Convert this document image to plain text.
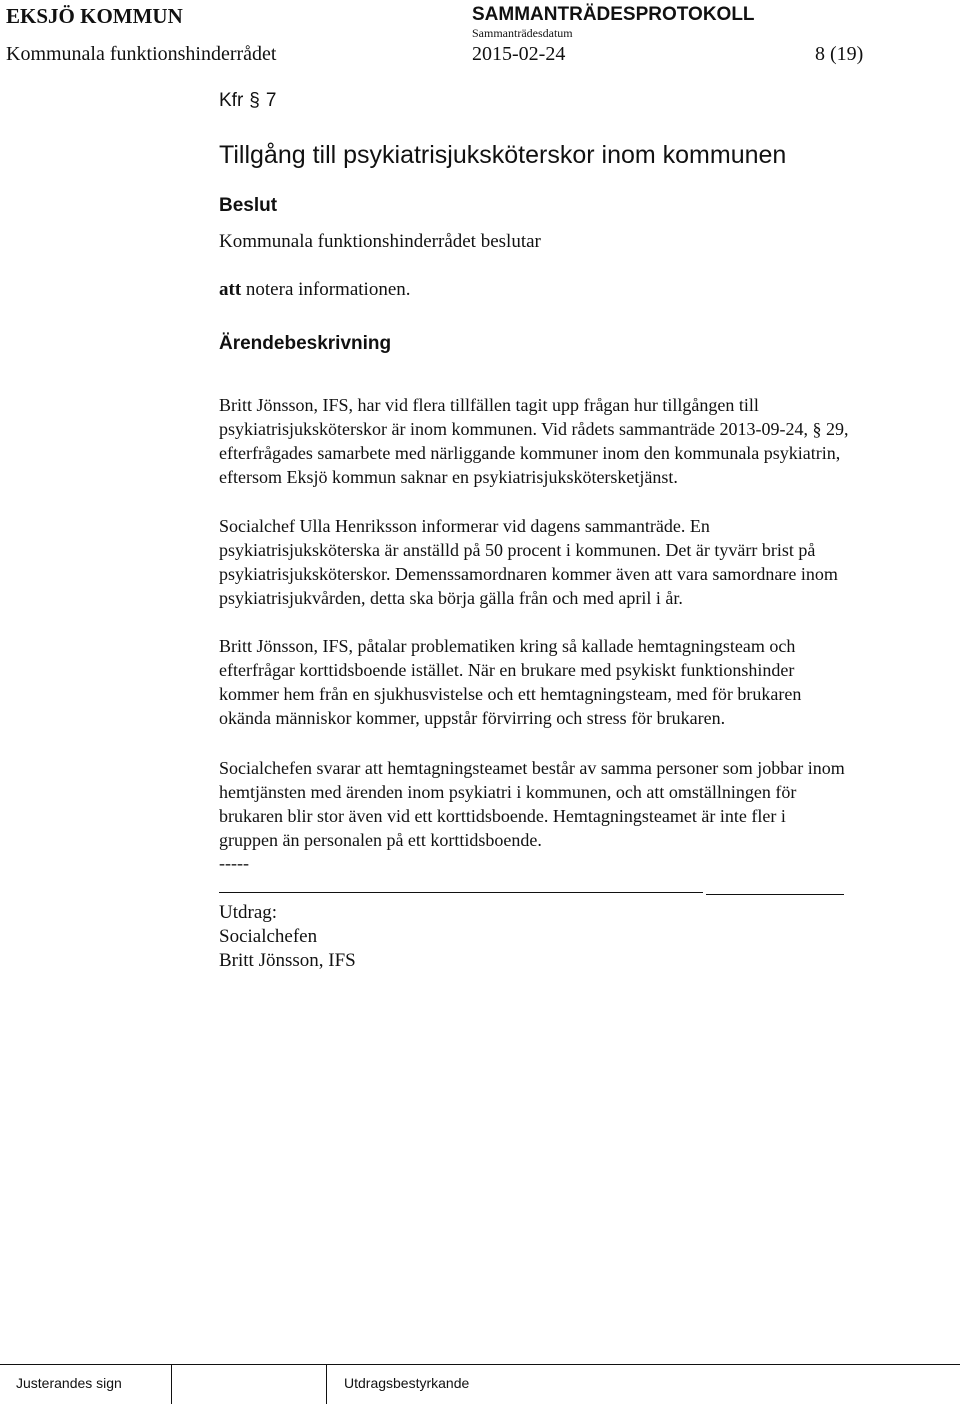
EKSJÖ KOMMUN	SAMMANTRÄDESPROTOKOLL
Sammanträdesdatum
Kommunala funktionshinderrådet	2015-02-24	8 (19)
Kfr § 7
Tillgång till psykiatrisjuksköterskor inom kommunen
Beslut
Kommunala funktionshinderrådet beslutar
att notera informationen.
Ärendebeskrivning

Britt Jönsson, IFS, har vid flera tillfällen tagit upp frågan hur tillgången till
psykiatrisjuksköterskor är inom kommunen. Vid rådets sammanträde 2013-09-24, § 29,
efterfrågades samarbete med närliggande kommuner inom den kommunala psykiatrin,
eftersom Eksjö kommun saknar en psykiatrisjuksköterskеtjänst.

Socialchef Ulla Henriksson informerar vid dagens sammanträde. En
psykiatrisjuksköterska är anställd på 50 procent i kommunen. Det är tyvärr brist på
psykiatrisjuksköterskor. Demenssamordnaren kommer även att vara samordnare inom
psykiatrisjukvården, detta ska börja gälla från och med april i år.

Britt Jönsson, IFS, påtalar problematiken kring så kallade hemtagningsteam och
efterfrågar korttidsboende istället. När en brukare med psykiskt funktionshinder
kommer hem från en sjukhusvistelse och ett hemtagningsteam, med för brukaren
okända människor kommer, uppstår förvirring och stress för brukaren.

Socialchefen svarar att hemtagningsteamet består av samma personer som jobbar inom
hemtjänsten med ärenden inom psykiatri i kommunen, och att omställningen för
brukaren blir stor även vid ett korttidsboende. Hemtagningsteamet är inte fler i
gruppen än personalen på ett korttidsboende.

-----
Utdrag:
Socialchefen
Britt Jönsson, IFS
Justerandes sign	Utdragsbestyrkande
